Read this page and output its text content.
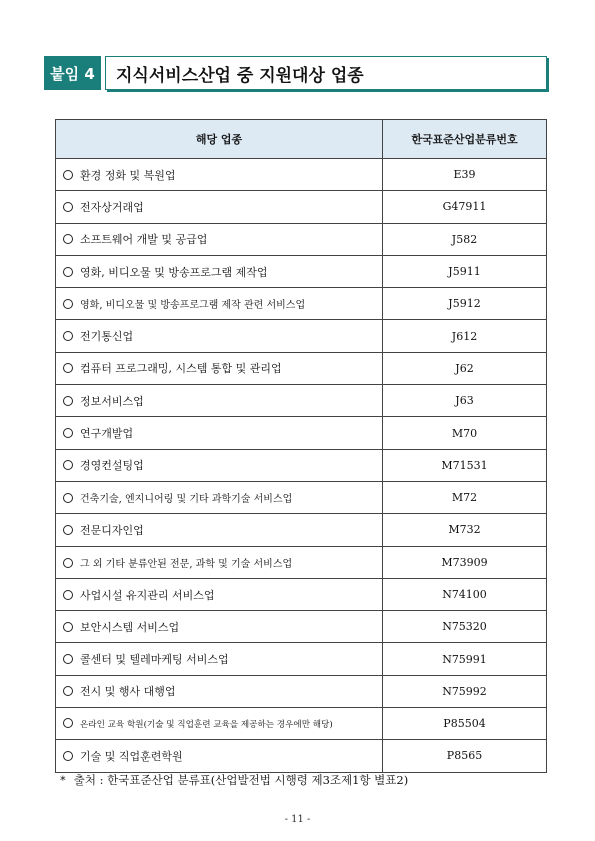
붙임 4	지식서비스산업 중 지원대상 업종
해당 업종	한국표준산업분류번호
환경 정화 및 복원업	E39
전자상거래업	G47911
소프트웨어 개발 및 공급업	J582
영화, 비디오물 및 방송프로그램 제작업	J5911
영화, 비디오물 및 방송프로그램 제작 관련 서비스업	J5912
전기통신업	J612
컴퓨터 프로그래밍, 시스템 통합 및 관리업	J62
정보서비스업	J63
연구개발업	M70
경영컨설팅업	M71531
건축기술, 엔지니어링 및 기타 과학기술 서비스업	M72
전문디자인업	M732
그 외 기타 분류안된 전문, 과학 및 기술 서비스업	M73909
사업시설 유지관리 서비스업	N74100
보안시스템 서비스업	N75320
콜센터 및 텔레마케팅 서비스업	N75991
전시 및 행사 대행업	N75992
온라인 교육 학원(기술 및 직업훈련 교육을 제공하는 경우에만 해당)	P85504
기술 및 직업훈련학원	P8565
* 출처 : 한국표준산업 분류표(산업발전법 시행령 제3조제1항 별표2)
- 11 -
